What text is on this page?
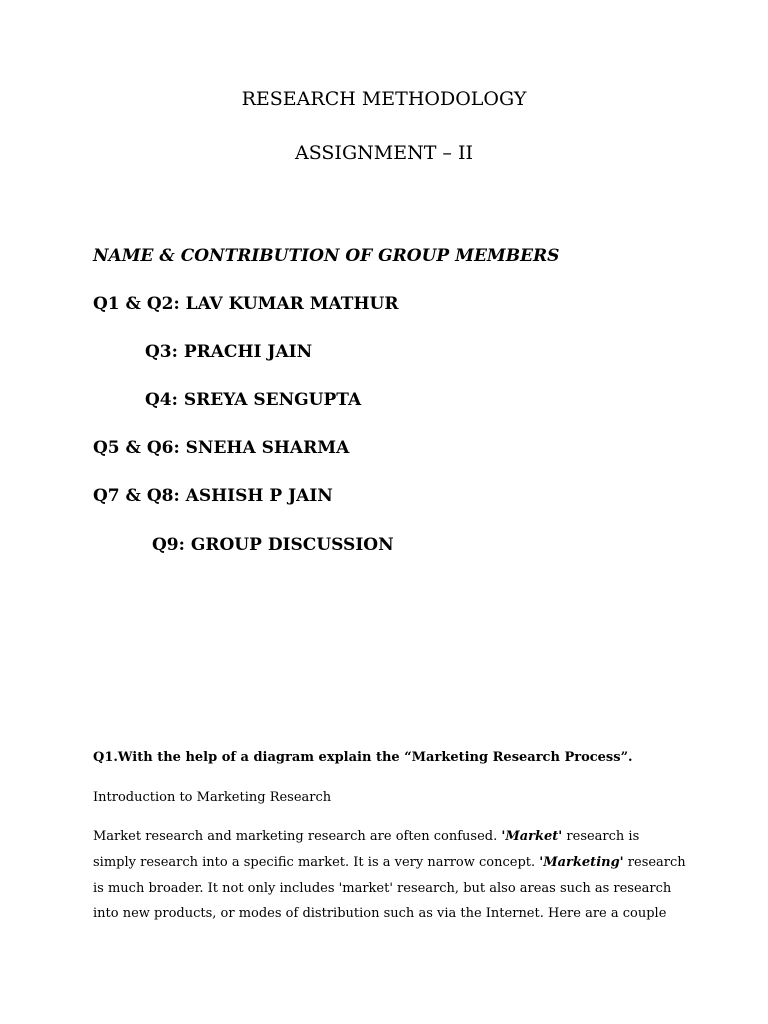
RESEARCH METHODOLOGY
ASSIGNMENT – II
NAME & CONTRIBUTION OF GROUP MEMBERS
Q1 & Q2: LAV KUMAR MATHUR
Q3: PRACHI JAIN
Q4: SREYA SENGUPTA
Q5 & Q6: SNEHA SHARMA
Q7 & Q8: ASHISH P JAIN
Q9: GROUP DISCUSSION
Q1.With the help of a diagram explain the “Marketing Research Process”.
Introduction to Marketing Research
Market research and marketing research are often confused. 'Market' research is
simply research into a specific market. It is a very narrow concept. 'Marketing' research
is much broader. It not only includes 'market' research, but also areas such as research
into new products, or modes of distribution such as via the Internet. Here are a couple
